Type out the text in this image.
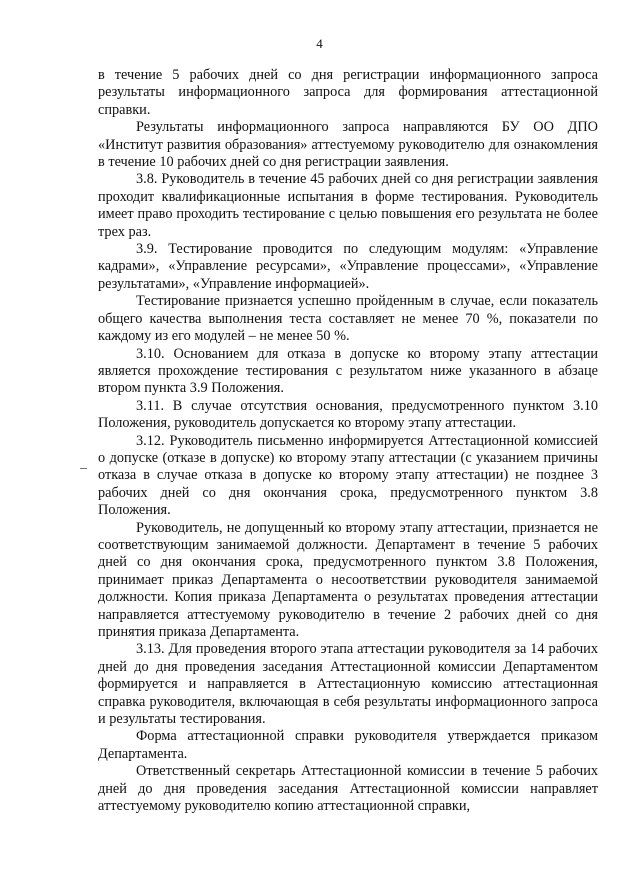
4

в течение 5 рабочих дней со дня регистрации информационного запроса результаты информационного запроса для формирования аттестационной справки.

Результаты информационного запроса направляются БУ ОО ДПО «Институт развития образования» аттестуемому руководителю для ознакомления в течение 10 рабочих дней со дня регистрации заявления.

3.8. Руководитель в течение 45 рабочих дней со дня регистрации заявления проходит квалификационные испытания в форме тестирования. Руководитель имеет право проходить тестирование с целью повышения его результата не более трех раз.

3.9. Тестирование проводится по следующим модулям: «Управление кадрами», «Управление ресурсами», «Управление процессами», «Управление результатами», «Управление информацией».

Тестирование признается успешно пройденным в случае, если показатель общего качества выполнения теста составляет не менее 70 %, показатели по каждому из его модулей – не менее 50 %.

3.10. Основанием для отказа в допуске ко второму этапу аттестации является прохождение тестирования с результатом ниже указанного в абзаце втором пункта 3.9 Положения.

3.11. В случае отсутствия основания, предусмотренного пунктом 3.10 Положения, руководитель допускается ко второму этапу аттестации.

3.12. Руководитель письменно информируется Аттестационной комиссией о допуске (отказе в допуске) ко второму этапу аттестации (с указанием причины отказа в случае отказа в допуске ко второму этапу аттестации) не позднее 3 рабочих дней со дня окончания срока, предусмотренного пунктом 3.8 Положения.

Руководитель, не допущенный ко второму этапу аттестации, признается не соответствующим занимаемой должности. Департамент в течение 5 рабочих дней со дня окончания срока, предусмотренного пунктом 3.8 Положения, принимает приказ Департамента о несоответствии руководителя занимаемой должности. Копия приказа Департамента о результатах проведения аттестации направляется аттестуемому руководителю в течение 2 рабочих дней со дня принятия приказа Департамента.

3.13. Для проведения второго этапа аттестации руководителя за 14 рабочих дней до дня проведения заседания Аттестационной комиссии Департаментом формируется и направляется в Аттестационную комиссию аттестационная справка руководителя, включающая в себя результаты информационного запроса и результаты тестирования.

Форма аттестационной справки руководителя утверждается приказом Департамента.

Ответственный секретарь Аттестационной комиссии в течение 5 рабочих дней до дня проведения заседания Аттестационной комиссии направляет аттестуемому руководителю копию аттестационной справки,
